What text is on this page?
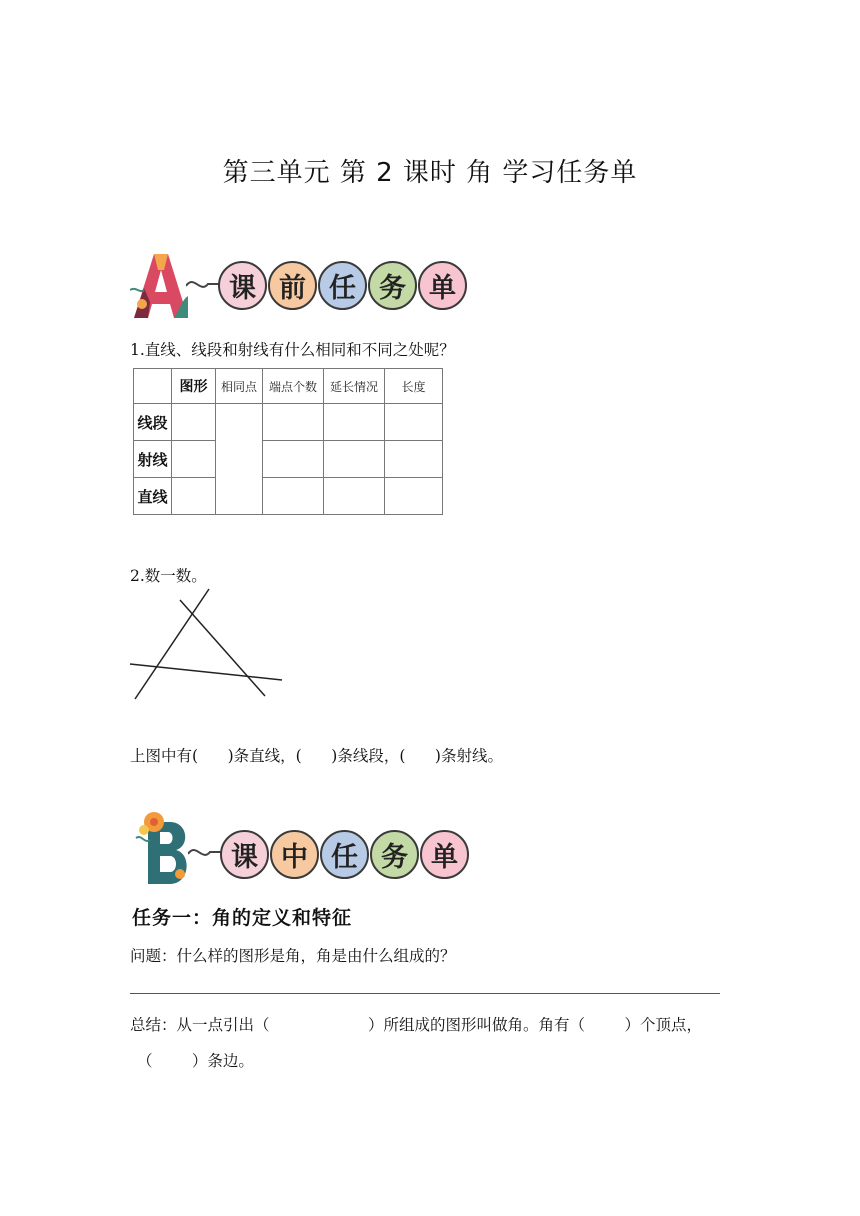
第三单元 第 2 课时 角 学习任务单
课 前 任 务 单
1.直线、线段和射线有什么相同和不同之处呢？
	图形	相同点	端点个数	延长情况	长度
线段					
射线					
直线					
2.数一数。
上图中有(      )条直线，(      )条线段，(      )条射线。
课 中 任 务 单
任务一：角的定义和特征
问题：什么样的图形是角，角是由什么组成的？
总结：从一点引出（                    ）所组成的图形叫做角。角有（        ）个顶点，
（        ）条边。
